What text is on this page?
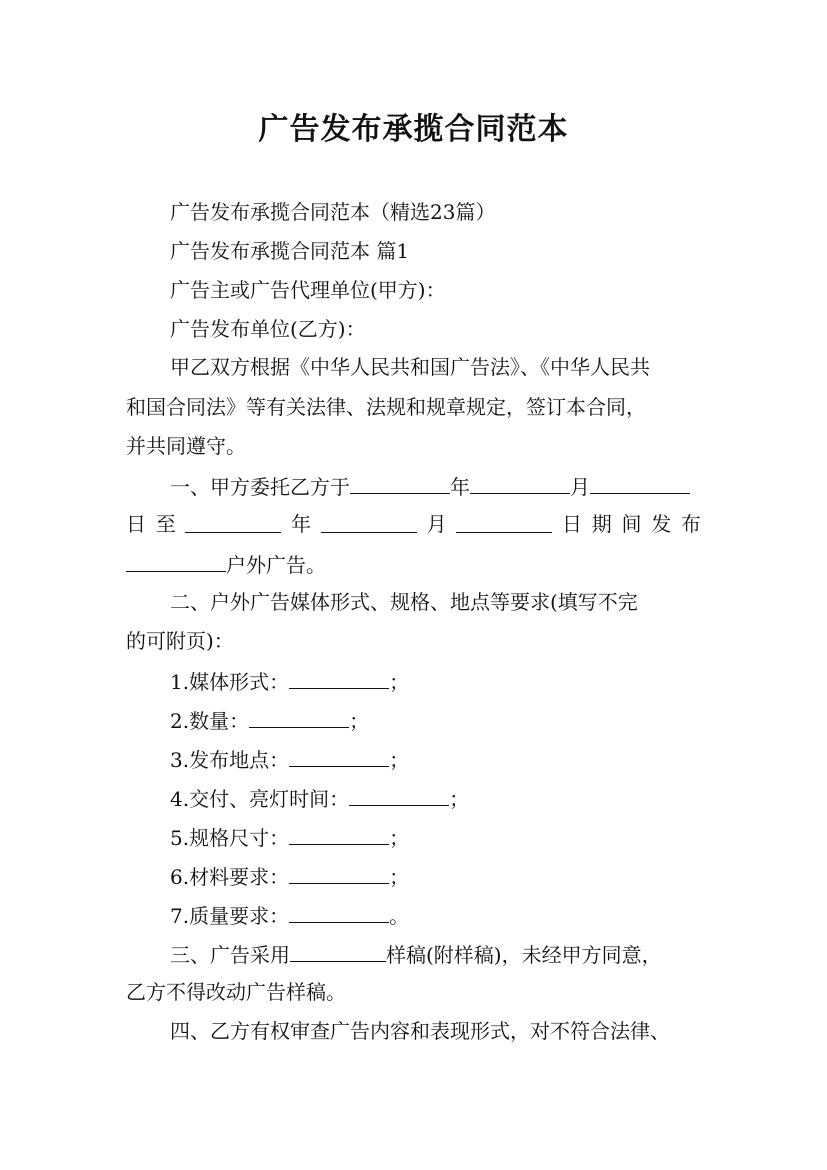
广告发布承揽合同范本
广告发布承揽合同范本（精选23篇）
广告发布承揽合同范本 篇1
广告主或广告代理单位(甲方)：
广告发布单位(乙方)：
甲乙双方根据《中华人民共和国广告法》、《中华人民共
和国合同法》等有关法律、法规和规章规定，签订本合同，
并共同遵守。
一、甲方委托乙方于	年	月
日 至	年	月	日 期 间 发 布
户外广告。
二、户外广告媒体形式、规格、地点等要求(填写不完
的可附页)：
1.媒体形式：	；
2.数量：	；
3.发布地点：	；
4.交付、亮灯时间：	；
5.规格尺寸：	；
6.材料要求：	；
7.质量要求：	。
三、广告采用	样稿(附样稿)，未经甲方同意，
乙方不得改动广告样稿。
四、乙方有权审查广告内容和表现形式，对不符合法律、
